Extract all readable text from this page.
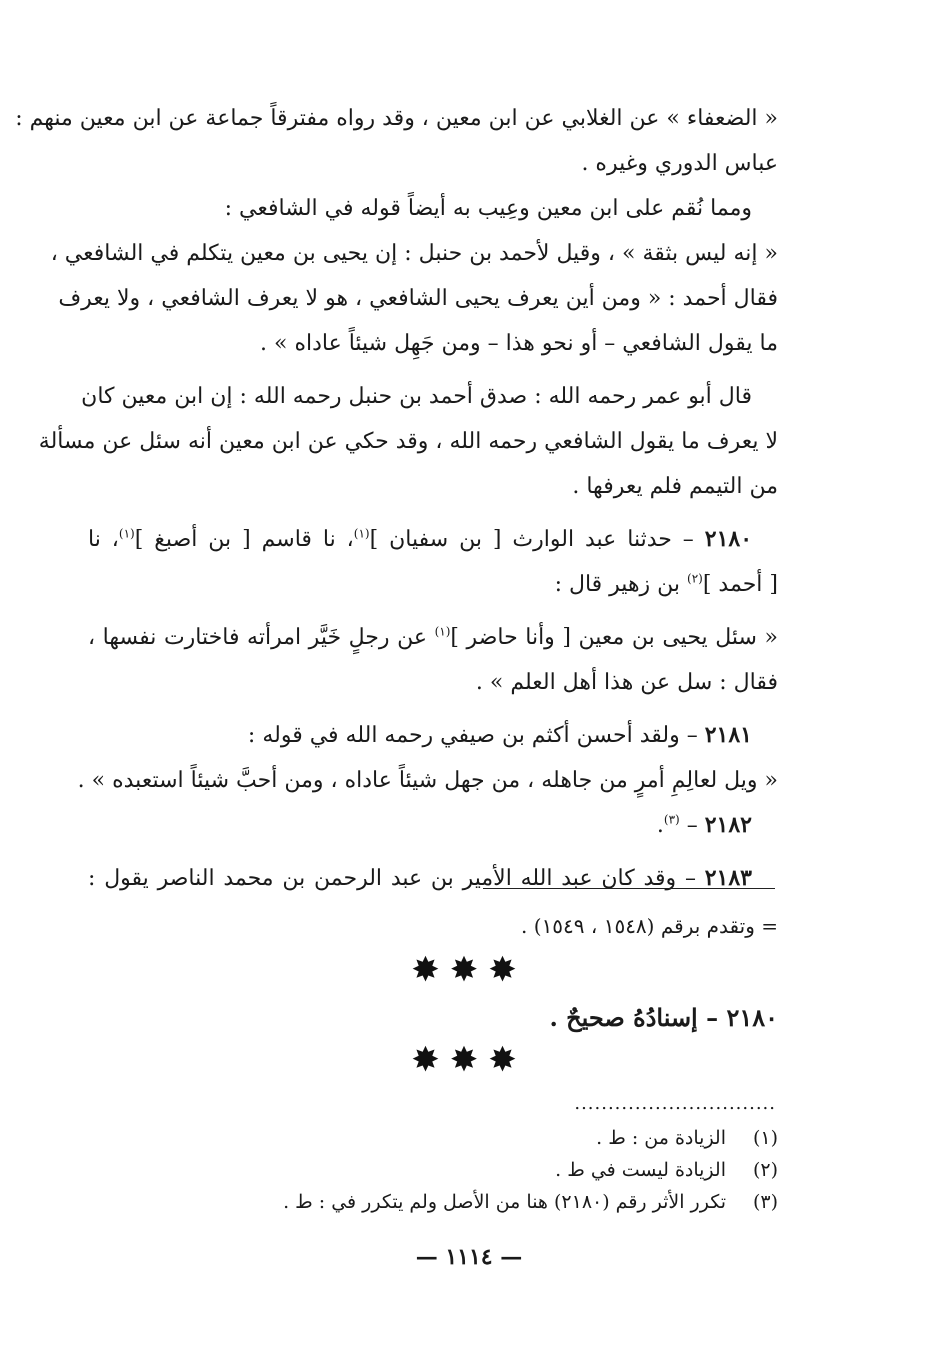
« الضعفاء » عن الغلابي عن ابن معين ، وقد رواه مفترقاً جماعة عن ابن معين منهم :
عباس الدوري وغيره .
ومما نُقم على ابن معين وعِيب به أيضاً قوله في الشافعي :
« إنه ليس بثقة » ، وقيل لأحمد بن حنبل : إن يحيى بن معين يتكلم في الشافعي ،
فقال أحمد : « ومن أين يعرف يحيى الشافعي ، هو لا يعرف الشافعي ، ولا يعرف
ما يقول الشافعي – أو نحو هذا – ومن جَهِل شيئاً عاداه » .
قال أبو عمر رحمه الله : صدق أحمد بن حنبل رحمه الله : إن ابن معين كان
لا يعرف ما يقول الشافعي رحمه الله ، وقد حكي عن ابن معين أنه سئل عن مسألة
من التيمم فلم يعرفها .
٢١٨٠ – حدثنا عبد الوارث [ بن سفيان ]$^{(١)}$، نا قاسم [ بن أصبغ ]$^{(١)}$، نا
[ أحمد ]$^{(٢)}$ بن زهير قال :
« سئل يحيى بن معين [ وأنا حاضر ]$^{(١)}$ عن رجلٍ خَيَّر امرأته فاختارت نفسها ،
فقال : سل عن هذا أهل العلم » .
٢١٨١ – ولقد أحسن أكثم بن صيفي رحمه الله في قوله :
« ويل لعالِمِ أمرٍ من جاهله ، من جهل شيئاً عاداه ، ومن أحبَّ شيئاً استعبده » .
٢١٨٢ – $^{(٣)}$.
٢١٨٣ – وقد كان عبد الله الأمير بن عبد الرحمن بن محمد الناصر يقول :
= وتقدم برقم (١٥٤٨ ، ١٥٤٩) .
✸✸✸
٢١٨٠ – إسنادُهُ صحيحٌ .
✸✸✸
..............................
(١)
الزيادة من : ط .
(٢)
الزيادة ليست في ط .
(٣)
تكرر الأثر رقم (٢١٨٠) هنا من الأصل ولم يتكرر في : ط .
— ١١١٤ —
